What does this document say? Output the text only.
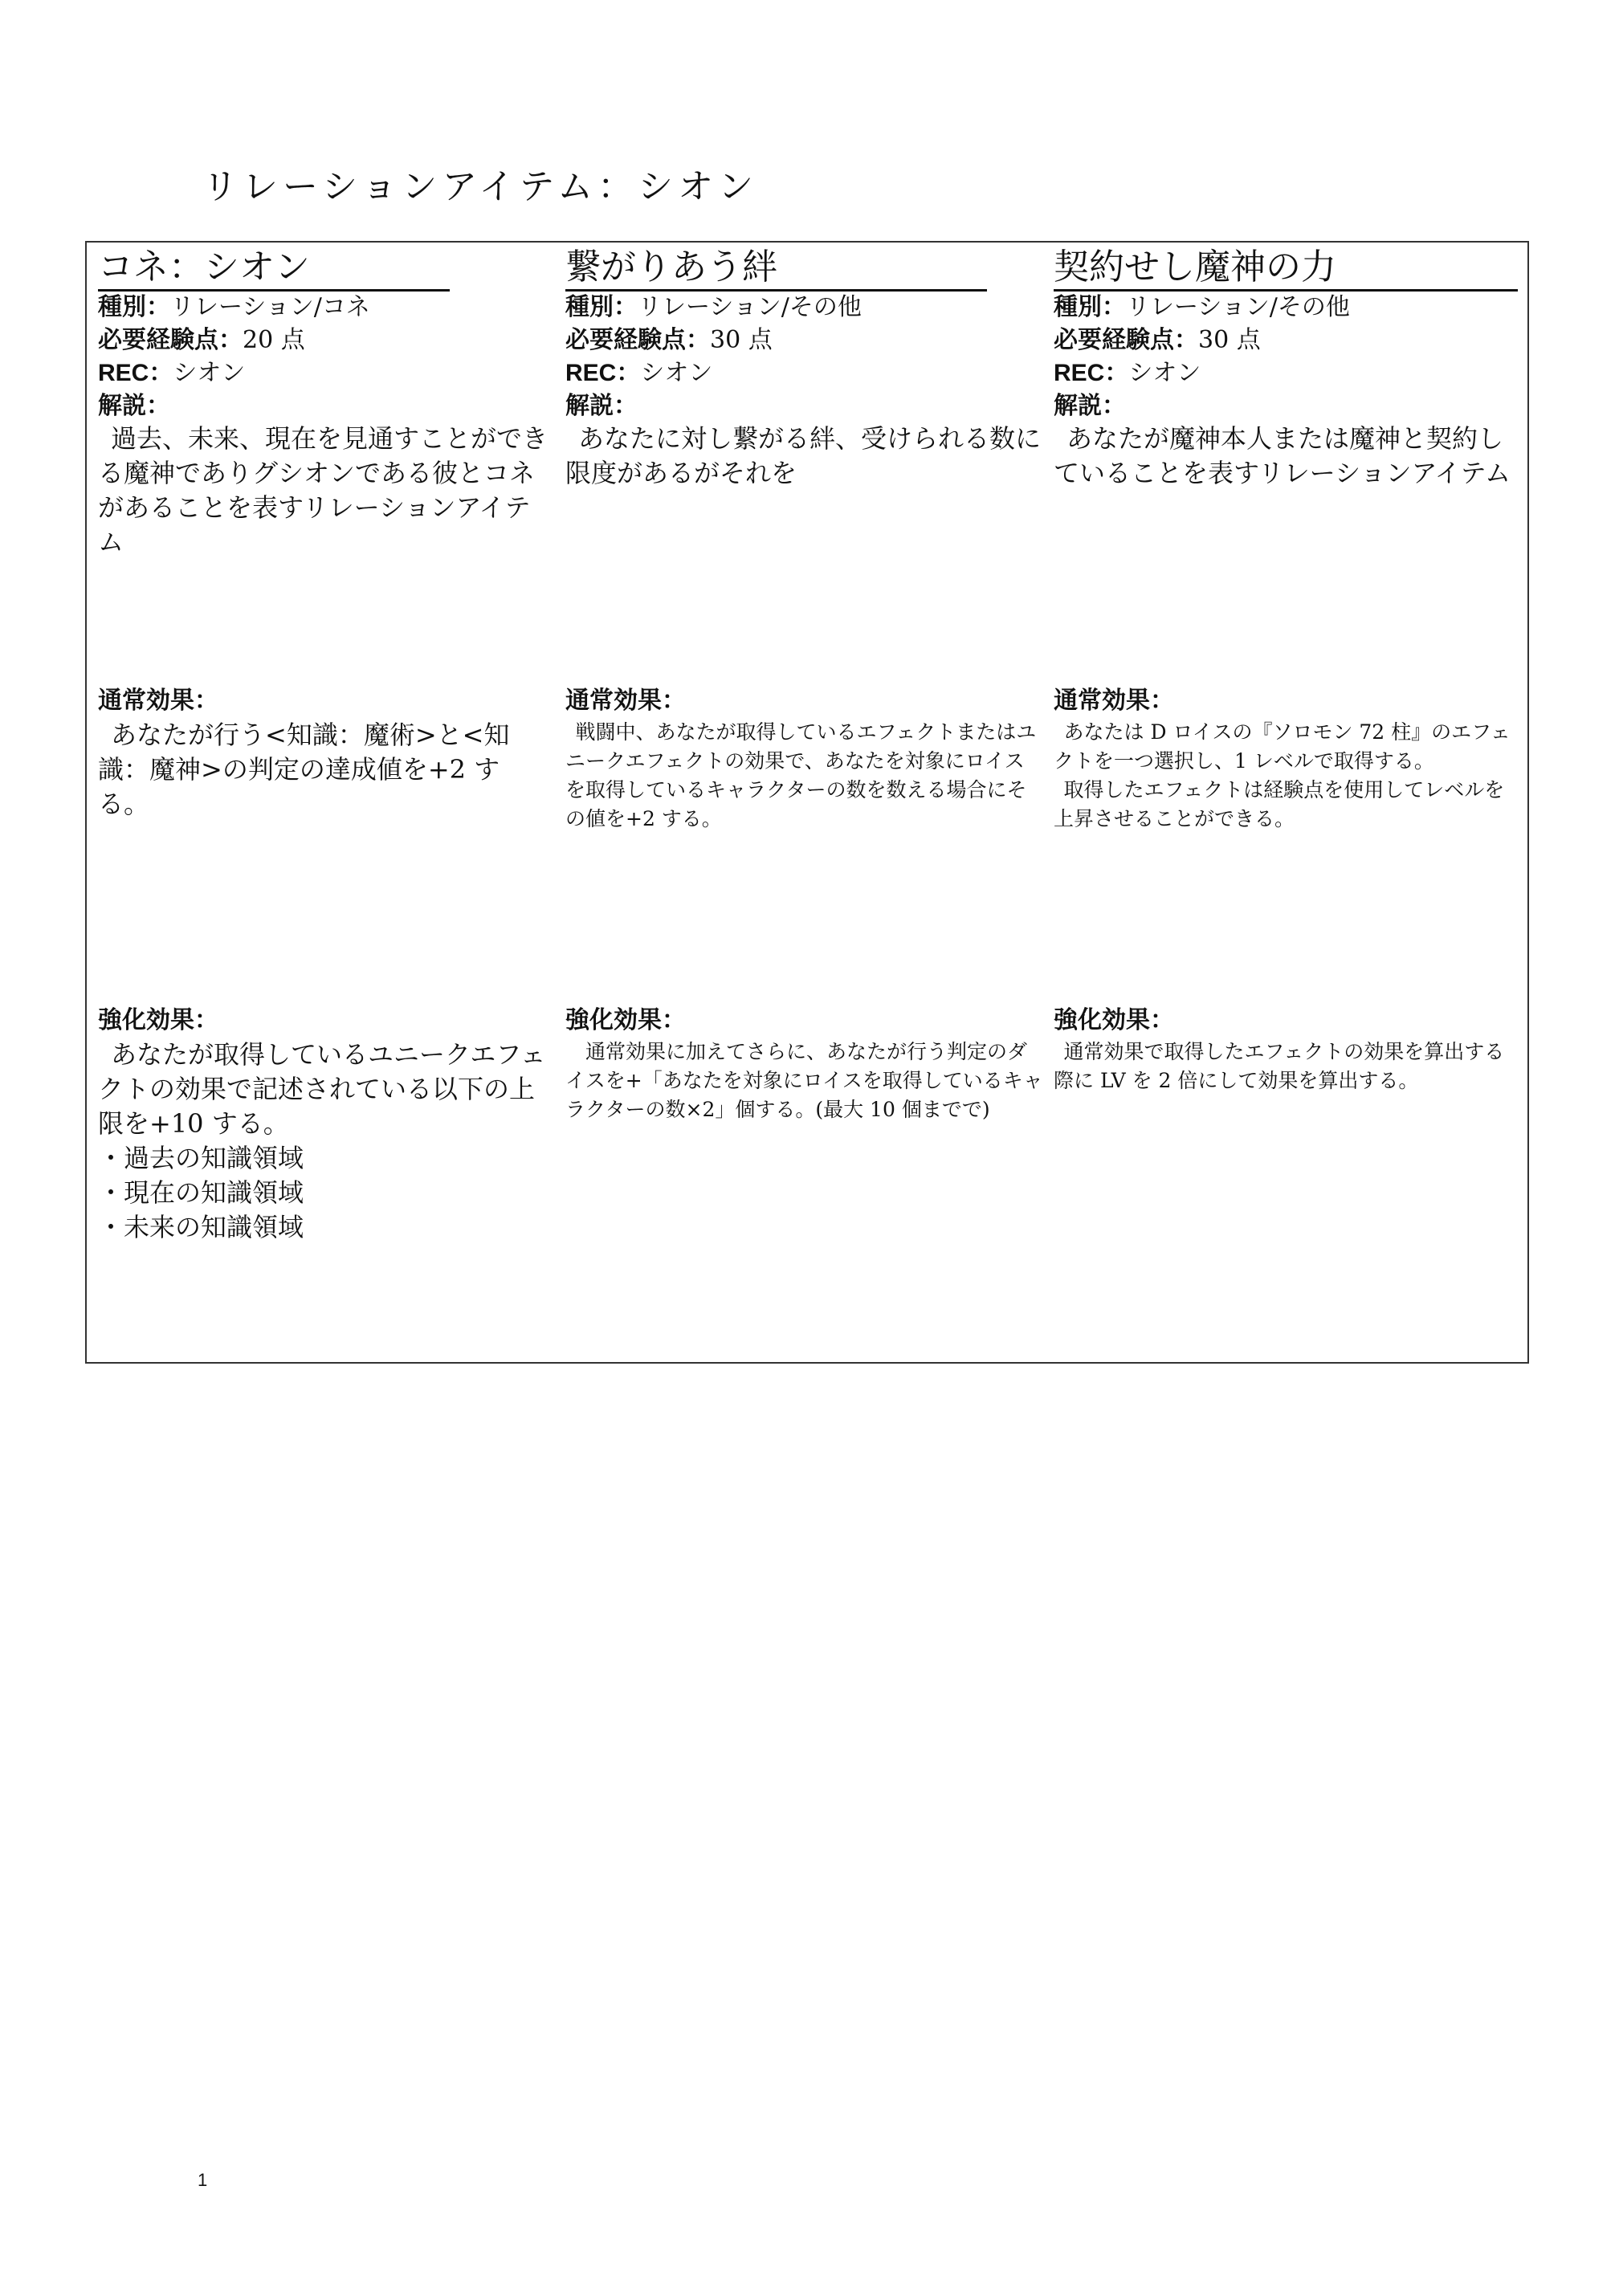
リレーションアイテム：シオン
コネ：シオン
種別：リレーション/コネ
必要経験点：20 点
REC：シオン
解説：

過去、未来、現在を見通すことができる魔神でありグシオンである彼とコネがあることを表すリレーションアイテム

通常効果：

あなたが行う<知識：魔術>と<知識：魔神>の判定の達成値を+2 する。

強化効果：
あなたが取得しているユニークエフェクトの効果で記述されている以下の上限を+10 する。
・過去の知識領域
・現在の知識領域
・未来の知識領域
繋がりあう絆
種別：リレーション/その他
必要経験点：30 点
REC：シオン
解説：

あなたに対し繋がる絆、受けられる数に限度があるがそれを

通常効果：

戦闘中、あなたが取得しているエフェクトまたはユニークエフェクトの効果で、あなたを対象にロイスを取得しているキャラクターの数を数える場合にその値を+2 する。

強化効果：

通常効果に加えてさらに、あなたが行う判定のダイスを+「あなたを対象にロイスを取得しているキャラクターの数×2」個する。(最大 10 個までで)

契約せし魔神の力
種別：リレーション/その他
必要経験点：30 点
REC：シオン
解説：

あなたが魔神本人または魔神と契約していることを表すリレーションアイテム

通常効果：
あなたは D ロイスの『ソロモン 72 柱』のエフェクトを一つ選択し、1 レベルで取得する。
取得したエフェクトは経験点を使用してレベルを上昇させることができる。
強化効果：

通常効果で取得したエフェクトの効果を算出する際に LV を 2 倍にして効果を算出する。

1
